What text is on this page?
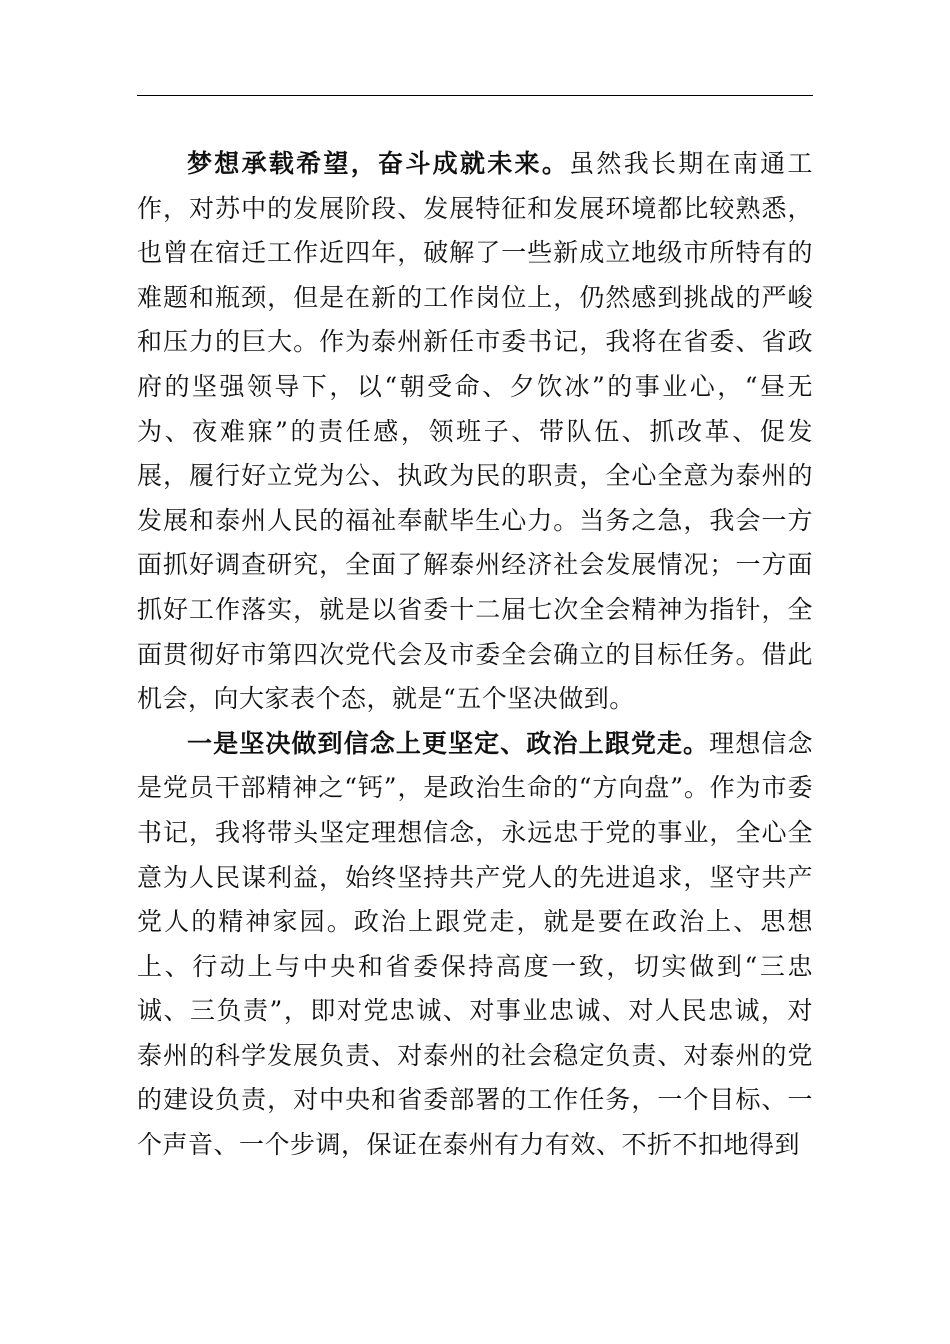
梦想承载希望，奋斗成就未来。虽然我长期在南通工作，对苏中的发展阶段、发展特征和发展环境都比较熟悉，也曾在宿迁工作近四年，破解了一些新成立地级市所特有的难题和瓶颈，但是在新的工作岗位上，仍然感到挑战的严峻和压力的巨大。作为泰州新任市委书记，我将在省委、省政府的坚强领导下，以“朝受命、夕饮冰”的事业心，“昼无为、夜难寐”的责任感，领班子、带队伍、抓改革、促发展，履行好立党为公、执政为民的职责，全心全意为泰州的发展和泰州人民的福祉奉献毕生心力。当务之急，我会一方面抓好调查研究，全面了解泰州经济社会发展情况；一方面抓好工作落实，就是以省委十二届七次全会精神为指针，全面贯彻好市第四次党代会及市委全会确立的目标任务。借此机会，向大家表个态，就是“五个坚决做到。

一是坚决做到信念上更坚定、政治上跟党走。理想信念是党员干部精神之“钙”，是政治生命的“方向盘”。作为市委书记，我将带头坚定理想信念，永远忠于党的事业，全心全意为人民谋利益，始终坚持共产党人的先进追求，坚守共产党人的精神家园。政治上跟党走，就是要在政治上、思想上、行动上与中央和省委保持高度一致，切实做到“三忠诚、三负责”，即对党忠诚、对事业忠诚、对人民忠诚，对泰州的科学发展负责、对泰州的社会稳定负责、对泰州的党的建设负责，对中央和省委部署的工作任务，一个目标、一个声音、一个步调，保证在泰州有力有效、不折不扣地得到
